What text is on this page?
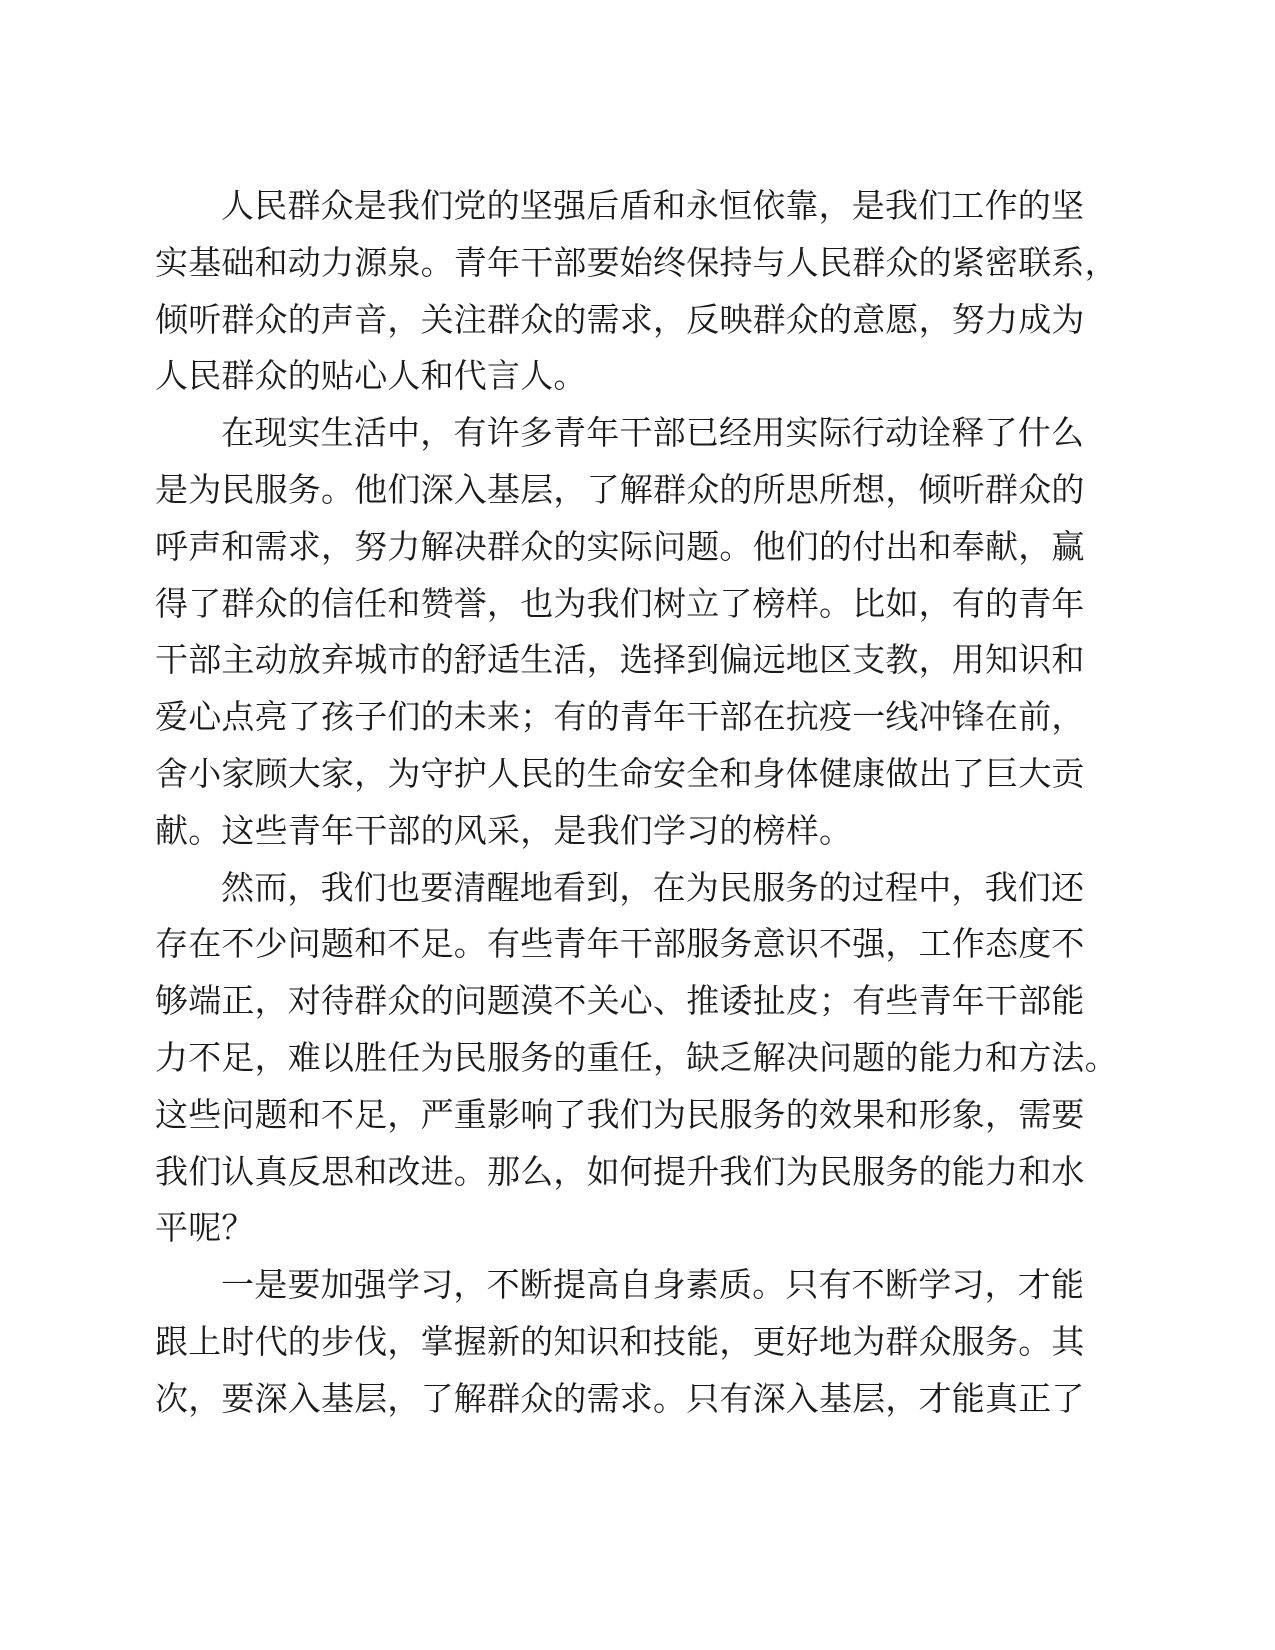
人民群众是我们党的坚强后盾和永恒依靠，是我们工作的坚
实基础和动力源泉。青年干部要始终保持与人民群众的紧密联系，
倾听群众的声音，关注群众的需求，反映群众的意愿，努力成为
人民群众的贴心人和代言人。
在现实生活中，有许多青年干部已经用实际行动诠释了什么
是为民服务。他们深入基层，了解群众的所思所想，倾听群众的
呼声和需求，努力解决群众的实际问题。他们的付出和奉献，赢
得了群众的信任和赞誉，也为我们树立了榜样。比如，有的青年
干部主动放弃城市的舒适生活，选择到偏远地区支教，用知识和
爱心点亮了孩子们的未来；有的青年干部在抗疫一线冲锋在前，
舍小家顾大家，为守护人民的生命安全和身体健康做出了巨大贡
献。这些青年干部的风采，是我们学习的榜样。
然而，我们也要清醒地看到，在为民服务的过程中，我们还
存在不少问题和不足。有些青年干部服务意识不强，工作态度不
够端正，对待群众的问题漠不关心、推诿扯皮；有些青年干部能
力不足，难以胜任为民服务的重任，缺乏解决问题的能力和方法。
这些问题和不足，严重影响了我们为民服务的效果和形象，需要
我们认真反思和改进。那么，如何提升我们为民服务的能力和水
平呢？
一是要加强学习，不断提高自身素质。只有不断学习，才能
跟上时代的步伐，掌握新的知识和技能，更好地为群众服务。其
次，要深入基层，了解群众的需求。只有深入基层，才能真正了
